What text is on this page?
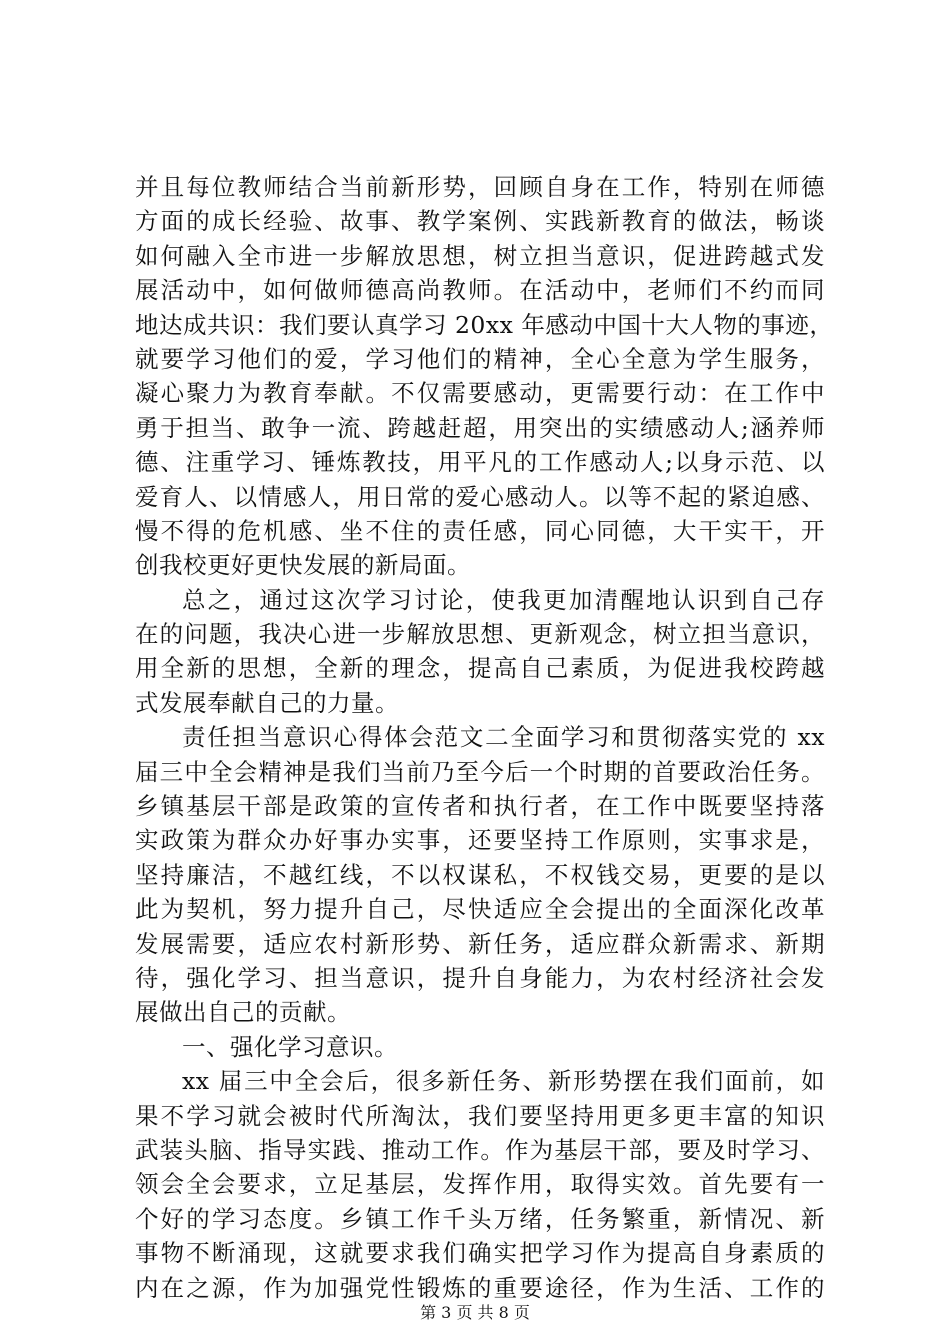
并且每位教师结合当前新形势，回顾自身在工作，特别在师德
方面的成长经验、故事、教学案例、实践新教育的做法，畅谈
如何融入全市进一步解放思想，树立担当意识，促进跨越式发
展活动中，如何做师德高尚教师。在活动中，老师们不约而同
地达成共识：我们要认真学习 20xx 年感动中国十大人物的事迹，
就要学习他们的爱，学习他们的精神，全心全意为学生服务，
凝心聚力为教育奉献。不仅需要感动，更需要行动：在工作中
勇于担当、敢争一流、跨越赶超，用突出的实绩感动人;涵养师
德、注重学习、锤炼教技，用平凡的工作感动人;以身示范、以
爱育人、以情感人，用日常的爱心感动人。以等不起的紧迫感、
慢不得的危机感、坐不住的责任感，同心同德，大干实干，开
创我校更好更快发展的新局面。
总之，通过这次学习讨论，使我更加清醒地认识到自己存
在的问题，我决心进一步解放思想、更新观念，树立担当意识，
用全新的思想，全新的理念，提高自己素质，为促进我校跨越
式发展奉献自己的力量。
责任担当意识心得体会范文二全面学习和贯彻落实党的 xx
届三中全会精神是我们当前乃至今后一个时期的首要政治任务。
乡镇基层干部是政策的宣传者和执行者，在工作中既要坚持落
实政策为群众办好事办实事，还要坚持工作原则，实事求是，
坚持廉洁，不越红线，不以权谋私，不权钱交易，更要的是以
此为契机，努力提升自己，尽快适应全会提出的全面深化改革
发展需要，适应农村新形势、新任务，适应群众新需求、新期
待，强化学习、担当意识，提升自身能力，为农村经济社会发
展做出自己的贡献。
一、强化学习意识。
xx 届三中全会后，很多新任务、新形势摆在我们面前，如
果不学习就会被时代所淘汰，我们要坚持用更多更丰富的知识
武装头脑、指导实践、推动工作。作为基层干部，要及时学习、
领会全会要求，立足基层，发挥作用，取得实效。首先要有一
个好的学习态度。乡镇工作千头万绪，任务繁重，新情况、新
事物不断涌现，这就要求我们确实把学习作为提高自身素质的
内在之源，作为加强党性锻炼的重要途径，作为生活、工作的
第 3 页 共 8 页
